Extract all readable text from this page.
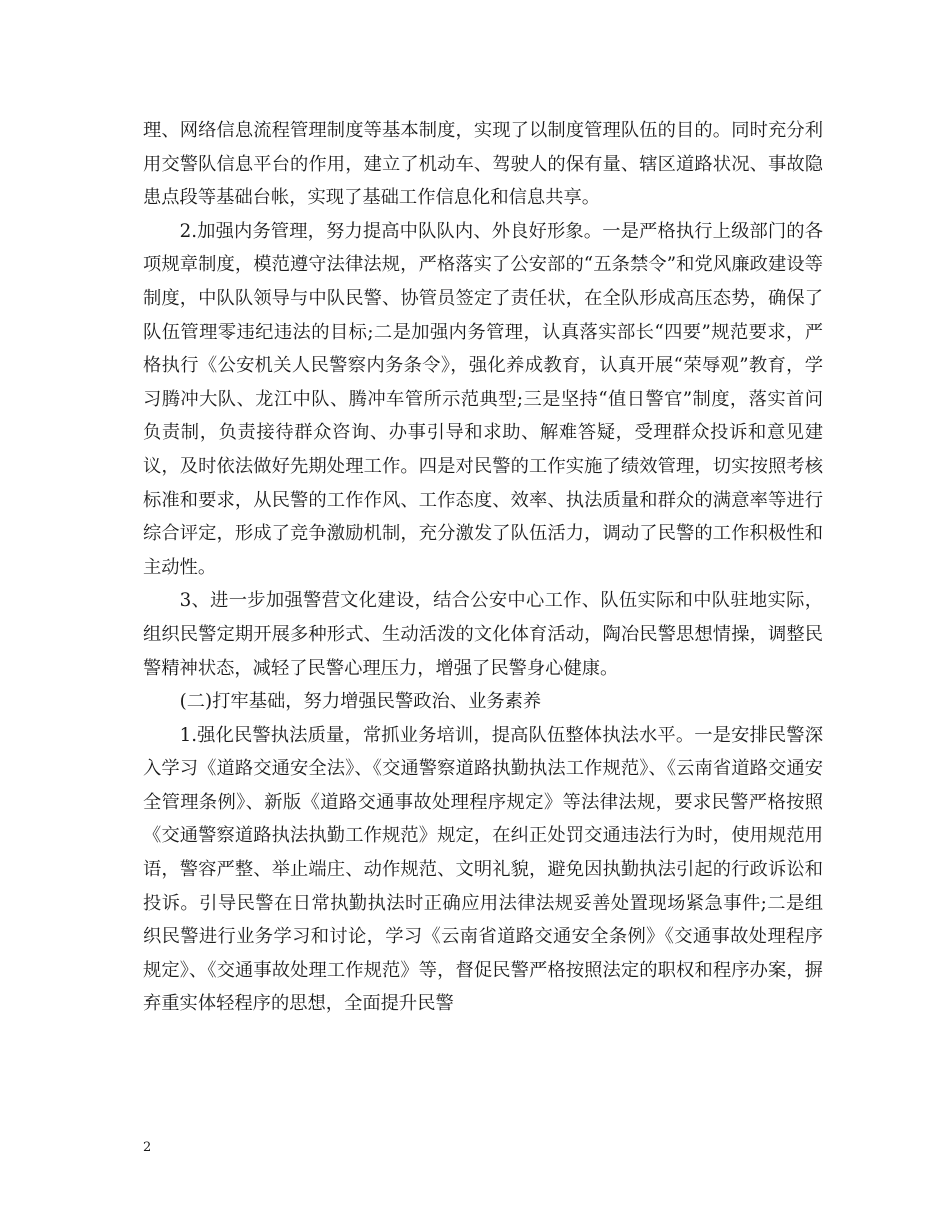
理、网络信息流程管理制度等基本制度，实现了以制度管理队伍的目的。同时充分利用交警队信息平台的作用，建立了机动车、驾驶人的保有量、辖区道路状况、事故隐患点段等基础台帐，实现了基础工作信息化和信息共享。

2.加强内务管理，努力提高中队队内、外良好形象。一是严格执行上级部门的各项规章制度，模范遵守法律法规，严格落实了公安部的“五条禁令”和党风廉政建设等制度，中队队领导与中队民警、协管员签定了责任状，在全队形成高压态势，确保了队伍管理零违纪违法的目标;二是加强内务管理，认真落实部长“四要”规范要求，严格执行《公安机关人民警察内务条令》，强化养成教育，认真开展“荣辱观”教育，学习腾冲大队、龙江中队、腾冲车管所示范典型;三是坚持“值日警官”制度，落实首问负责制，负责接待群众咨询、办事引导和求助、解难答疑，受理群众投诉和意见建议，及时依法做好先期处理工作。四是对民警的工作实施了绩效管理，切实按照考核标准和要求，从民警的工作作风、工作态度、效率、执法质量和群众的满意率等进行综合评定，形成了竞争激励机制，充分激发了队伍活力，调动了民警的工作积极性和主动性。

3、进一步加强警营文化建设，结合公安中心工作、队伍实际和中队驻地实际，组织民警定期开展多种形式、生动活泼的文化体育活动，陶冶民警思想情操，调整民警精神状态，减轻了民警心理压力，增强了民警身心健康。

(二)打牢基础，努力增强民警政治、业务素养

1.强化民警执法质量，常抓业务培训，提高队伍整体执法水平。一是安排民警深入学习《道路交通安全法》、《交通警察道路执勤执法工作规范》、《云南省道路交通安全管理条例》、新版《道路交通事故处理程序规定》等法律法规，要求民警严格按照《交通警察道路执法执勤工作规范》规定，在纠正处罚交通违法行为时，使用规范用语，警容严整、举止端庄、动作规范、文明礼貌，避免因执勤执法引起的行政诉讼和投诉。引导民警在日常执勤执法时正确应用法律法规妥善处置现场紧急事件;二是组织民警进行业务学习和讨论，学习《云南省道路交通安全条例》《交通事故处理程序规定》、《交通事故处理工作规范》等，督促民警严格按照法定的职权和程序办案，摒弃重实体轻程序的思想，全面提升民警

2
